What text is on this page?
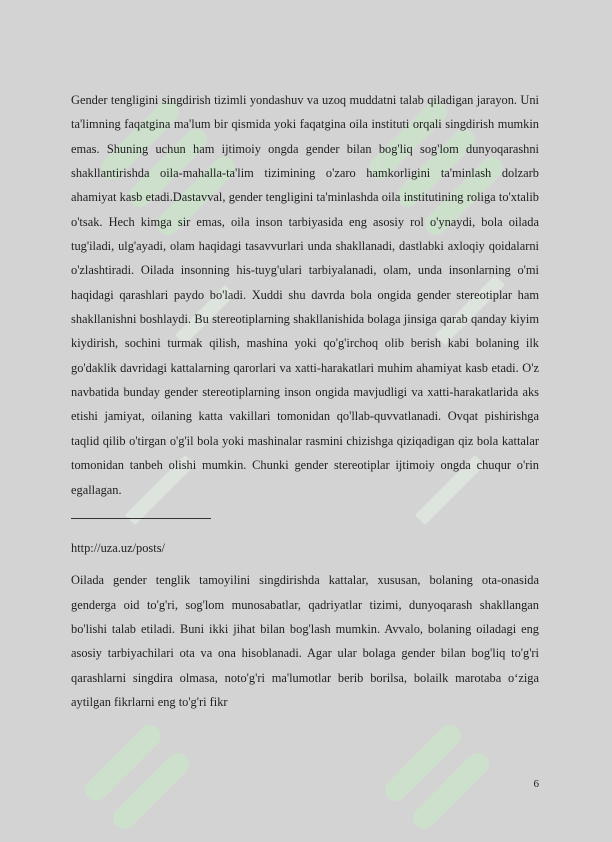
Gender tengligini singdirish tizimli yondashuv va uzoq muddatni talab qiladigan jarayon. Uni ta'limning faqatgina ma'lum bir qismida yoki faqatgina oila instituti orqali singdirish mumkin emas. Shuning uchun ham ijtimoiy ongda gender bilan bog'liq sog'lom dunyoqarashni shakllantirishda oila-mahalla-ta'lim tizimining o'zaro hamkorligini ta'minlash dolzarb ahamiyat kasb etadi.Dastavval, gender tengligini ta'minlashda oila institutining roliga to'xtalib o'tsak. Hech kimga sir emas, oila inson tarbiyasida eng asosiy rol o'ynaydi, bola oilada tug'iladi, ulg'ayadi, olam haqidagi tasavvurlari unda shakllanadi, dastlabki axloqiy qoidalarni o'zlashtiradi. Oilada insonning his-tuyg'ulari tarbiyalanadi, olam, unda insonlarning o'mi haqidagi qarashlari paydo bo'ladi. Xuddi shu davrda bola ongida gender stereotiplar ham shakllanishni boshlaydi. Bu stereotiplarning shakllanishida bolaga jinsiga qarab qanday kiyim kiydirish, sochini turmak qilish, mashina yoki qo'g'irchoq olib berish kabi bolaning ilk go'daklik davridagi kattalarning qarorlari va xatti-harakatlari muhim ahamiyat kasb etadi. O'z navbatida bunday gender stereotiplarning inson ongida mavjudligi va xatti-harakatlarida aks etishi jamiyat, oilaning katta vakillari tomonidan qo'llab-quvvatlanadi. Ovqat pishirishga taqlid qilib o'tirgan o'g'il bola yoki mashinalar rasmini chizishga qiziqadigan qiz bola kattalar tomonidan tanbeh olishi mumkin. Chunki gender stereotiplar ijtimoiy ongda chuqur o'rin egallagan.

http://uza.uz/posts/

Oilada gender tenglik tamoyilini singdirishda kattalar, xususan, bolaning ota-onasida genderga oid to'g'ri, sog'lom munosabatlar, qadriyatlar tizimi, dunyoqarash shakllangan bo'lishi talab etiladi. Buni ikki jihat bilan bog'lash mumkin. Avvalo, bolaning oiladagi eng asosiy tarbiyachilari ota va ona hisoblanadi. Agar ular bolaga gender bilan bog'liq to'g'ri qarashlarni singdira olmasa, noto'g'ri ma'lumotlar berib borilsa, bolailk marotaba o‘ziga aytilgan fikrlarni eng to'g'ri fikr

6
